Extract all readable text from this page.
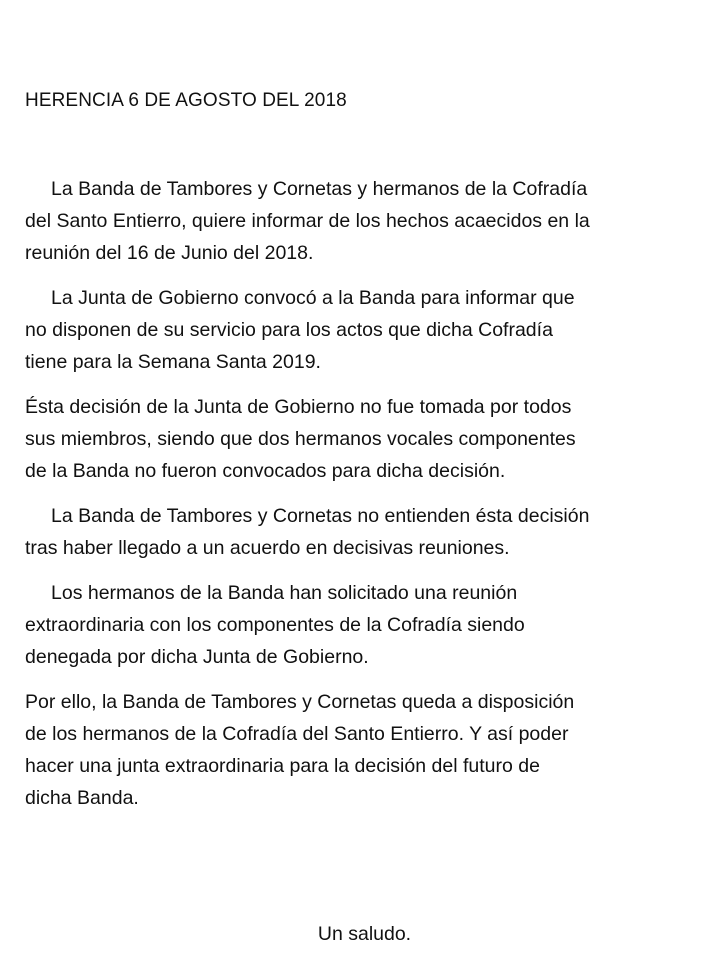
HERENCIA 6 DE AGOSTO DEL 2018

La Banda de Tambores y Cornetas y hermanos de la Cofradía
del Santo Entierro, quiere informar de los hechos acaecidos en la
reunión del 16 de Junio del 2018.

La Junta de Gobierno convocó a la Banda para informar que
no disponen de su servicio para los actos que dicha Cofradía
tiene para la Semana Santa 2019.

Ésta decisión de la Junta de Gobierno no fue tomada por todos
sus miembros, siendo que dos hermanos vocales componentes
de la Banda no fueron convocados para dicha decisión.

La Banda de Tambores y Cornetas no entienden ésta decisión
tras haber llegado a un acuerdo en decisivas reuniones.

Los hermanos de la Banda han solicitado una reunión
extraordinaria con los componentes de la Cofradía siendo
denegada por dicha Junta de Gobierno.

Por ello, la Banda de Tambores y Cornetas queda a disposición
de los hermanos de la Cofradía del Santo Entierro. Y así poder
hacer una junta extraordinaria para la decisión del futuro de
dicha Banda.

Un saludo.
